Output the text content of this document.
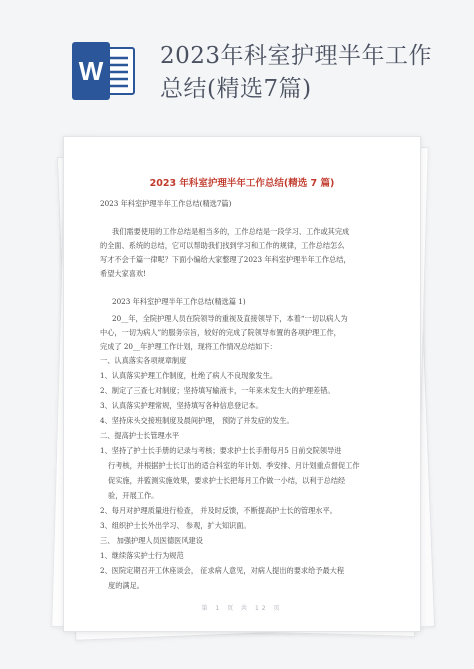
W 2023年科室护理半年工作
总结(精选7篇)
2023 年科室护理半年工作总结(精选 7 篇)
2023 年科室护理半年工作总结(精选7篇)
我们需要使用的工作总结是相当多的，工作总结是一段学习、工作或其完成
的全面、系统的总结，它可以帮助我们找到学习和工作的规律，工作总结怎么
写才不会千篇一律呢？下面小编给大家整理了2023 年科室护理半年工作总结，
希望大家喜欢!
2023 年科室护理半年工作总结(精选篇 1)
20__年，全院护理人员在院领导的重视及直接领导下，本着“一切以病人为
中心，一切为病人”的服务宗旨，较好的完成了院领导布置的各项护理工作，
完成了 20__年护理工作计划，现将工作情况总结如下：
一、认真落实各项规章制度
1、认真落实护理工作制度，杜绝了病人不良现象发生。
2、制定了三查七对制度；坚持填写输液卡，一年来未发生大的护理差错。
3、认真落实护理常规，坚持填写各种信息登记本。
4、坚持床头交接班制度及晨间护理， 预防了并发症的发生。
二、提高护士长管理水平
1、坚持了护士长手册的记录与考核；要求护士长手册每月5 日前交院领导进
行考核，并根据护士长订出的适合科室的年计划、季安排、月计划重点督促工作
促实施，并監测实施效果，要求护士长把每月工作做一小结，以利于总结经
验，开展工作。
2、每月对护理质量进行检查， 并及时反馈，不断提高护士长的管理水平。
3、组织护士长外出学习、 参观，扩大知识面。
三、 加强护理人员医德医风建设
1、继续落实护士行为规范
2、医院定期召开工休座谈会， 征求病人意见，对病人提出的要求给予最大程
度的满足。
第 1 页 共 12 页
